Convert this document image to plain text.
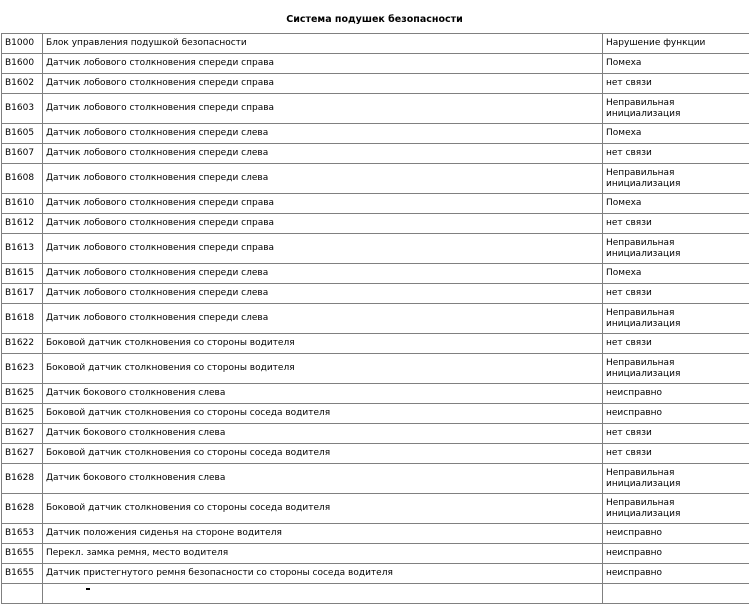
Система подушек безопасности
B1000	Блок управления подушкой безопасности	Нарушение функции
B1600	Датчик лобового столкновения спереди справа	Помеха
B1602	Датчик лобового столкновения спереди справа	нет связи
B1603	Датчик лобового столкновения спереди справа	Неправильная инициализация
B1605	Датчик лобового столкновения спереди слева	Помеха
B1607	Датчик лобового столкновения спереди слева	нет связи
B1608	Датчик лобового столкновения спереди слева	Неправильная инициализация
B1610	Датчик лобового столкновения спереди справа	Помеха
B1612	Датчик лобового столкновения спереди справа	нет связи
B1613	Датчик лобового столкновения спереди справа	Неправильная инициализация
B1615	Датчик лобового столкновения спереди слева	Помеха
B1617	Датчик лобового столкновения спереди слева	нет связи
B1618	Датчик лобового столкновения спереди слева	Неправильная инициализация
B1622	Боковой датчик столкновения со стороны водителя	нет связи
B1623	Боковой датчик столкновения со стороны водителя	Неправильная инициализация
B1625	Датчик бокового столкновения слева	неисправно
B1625	Боковой датчик столкновения со стороны соседа водителя	неисправно
B1627	Датчик бокового столкновения слева	нет связи
B1627	Боковой датчик столкновения со стороны соседа водителя	нет связи
B1628	Датчик бокового столкновения слева	Неправильная инициализация
B1628	Боковой датчик столкновения со стороны соседа водителя	Неправильная инициализация
B1653	Датчик положения сиденья на стороне водителя	неисправно
B1655	Перекл. замка ремня, место водителя	неисправно
B1655	Датчик пристегнутого ремня безопасности со стороны соседа водителя	неисправно
